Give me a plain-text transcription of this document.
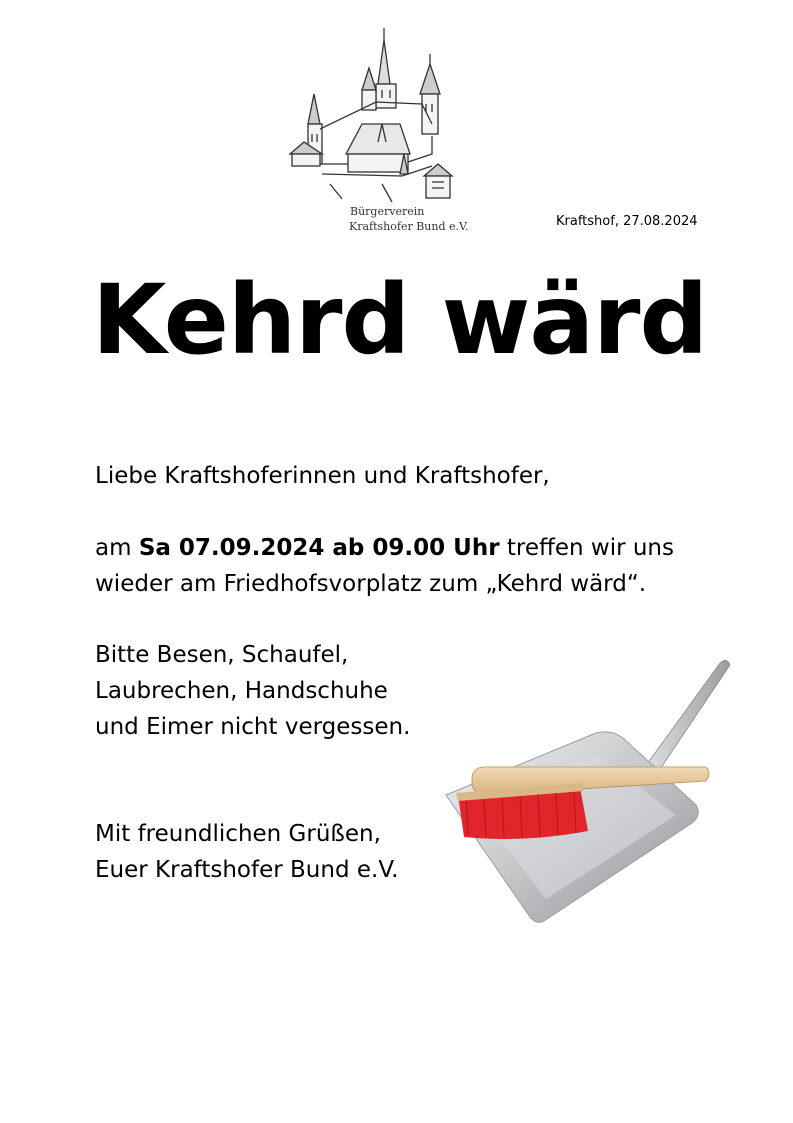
Bürgerverein
Kraftshofer Bund e.V.	Kraftshof, 27.08.2024
Kehrd wärd
Liebe Kraftshoferinnen und Kraftshofer,
am Sa 07.09.2024 ab 09.00 Uhr treffen wir uns
wieder am Friedhofsvorplatz zum „Kehrd wärd“.
Bitte Besen, Schaufel,
Laubrechen, Handschuhe
und Eimer nicht vergessen.
Mit freundlichen Grüßen,
Euer Kraftshofer Bund e.V.
